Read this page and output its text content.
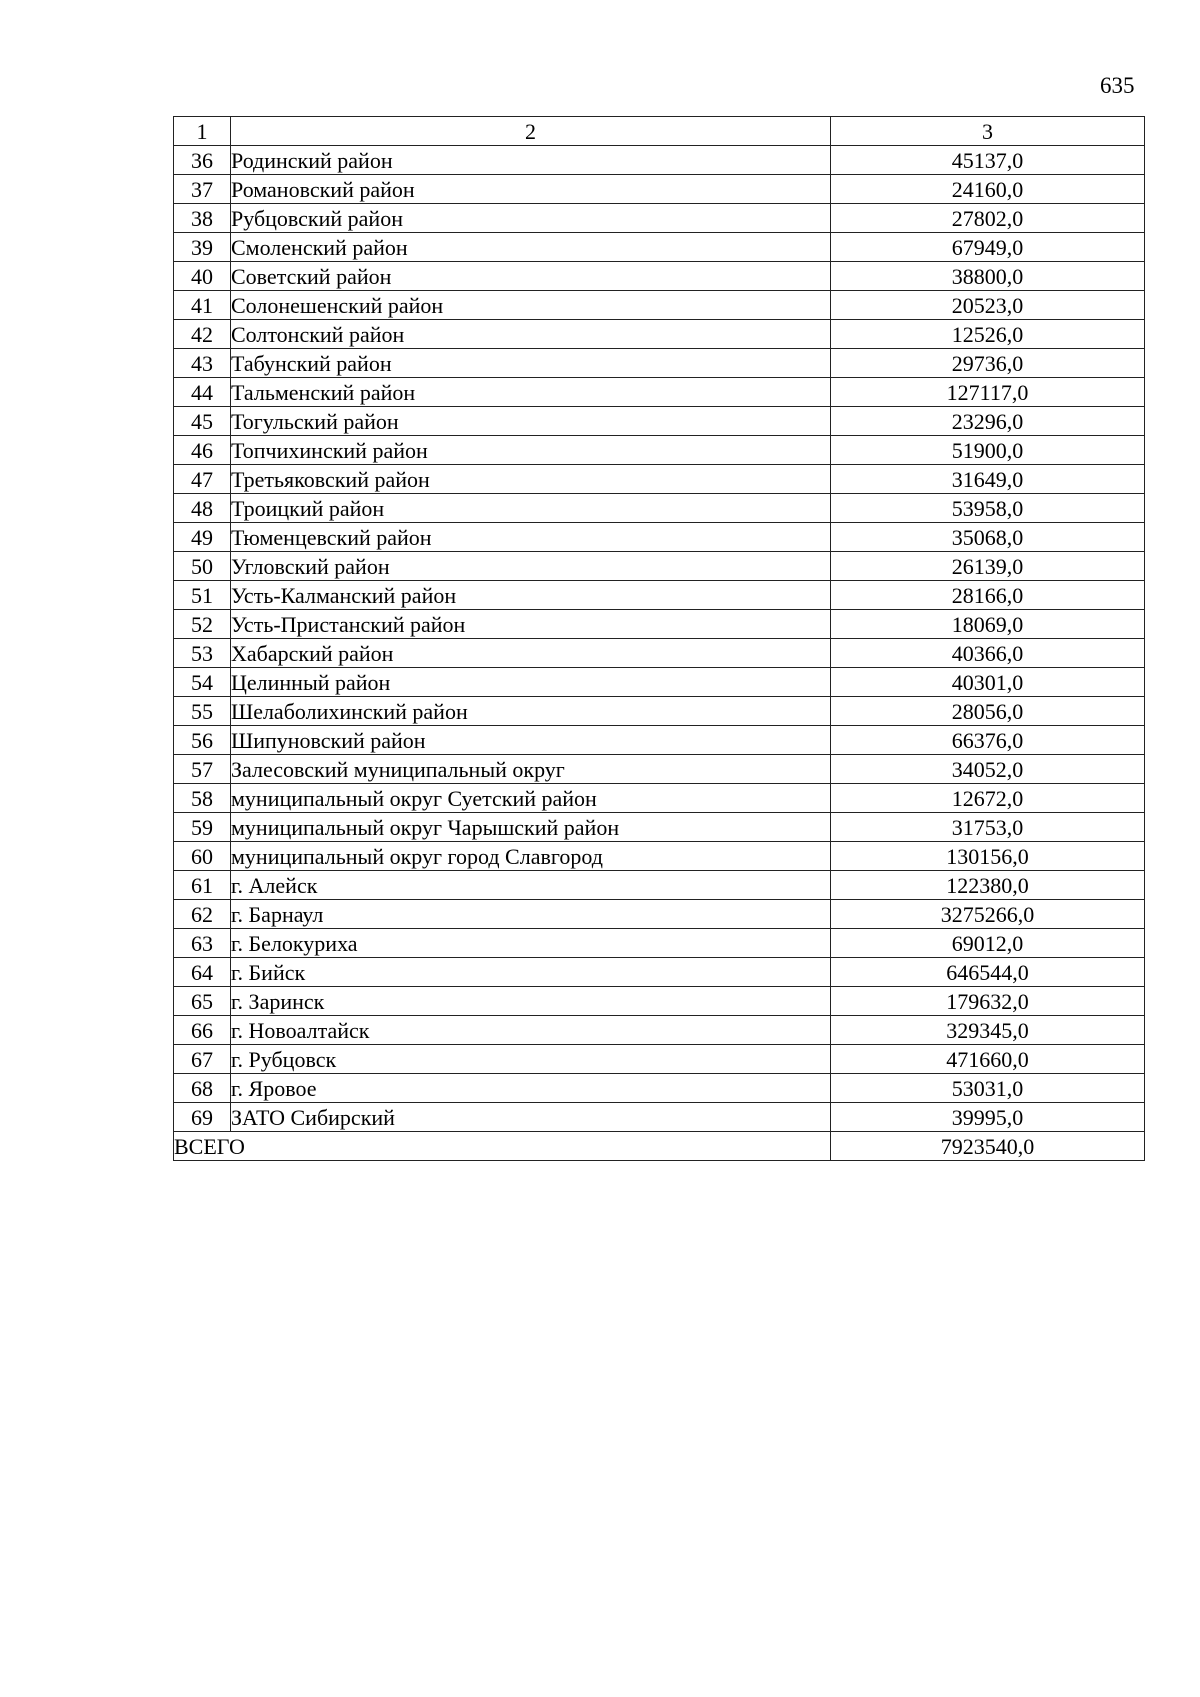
635
1	2	3
36	Родинский район	45137,0
37	Романовский район	24160,0
38	Рубцовский район	27802,0
39	Смоленский район	67949,0
40	Советский район	38800,0
41	Солонешенский район	20523,0
42	Солтонский район	12526,0
43	Табунский район	29736,0
44	Тальменский район	127117,0
45	Тогульский район	23296,0
46	Топчихинский район	51900,0
47	Третьяковский район	31649,0
48	Троицкий район	53958,0
49	Тюменцевский район	35068,0
50	Угловский район	26139,0
51	Усть-Калманский район	28166,0
52	Усть-Пристанский район	18069,0
53	Хабарский район	40366,0
54	Целинный район	40301,0
55	Шелаболихинский район	28056,0
56	Шипуновский район	66376,0
57	Залесовский муниципальный округ	34052,0
58	муниципальный округ Суетский район	12672,0
59	муниципальный округ Чарышский район	31753,0
60	муниципальный округ город Славгород	130156,0
61	г. Алейск	122380,0
62	г. Барнаул	3275266,0
63	г. Белокуриха	69012,0
64	г. Бийск	646544,0
65	г. Заринск	179632,0
66	г. Новоалтайск	329345,0
67	г. Рубцовск	471660,0
68	г. Яровое	53031,0
69	ЗАТО Сибирский	39995,0
ВСЕГО		7923540,0
